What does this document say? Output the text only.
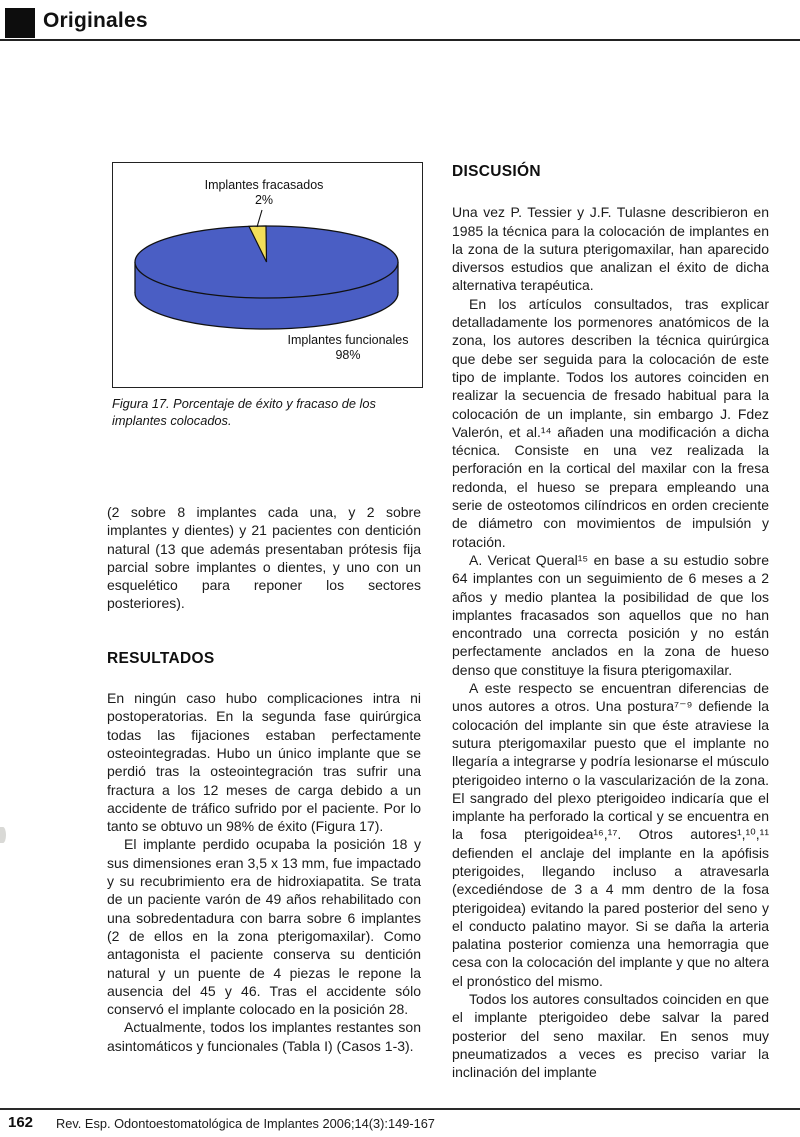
Originales
Implantes fracasados
2%
Implantes funcionales
98%
Figura 17. Porcentaje de éxito y fracaso de los implantes colocados.

(2 sobre 8 implantes cada una, y 2 sobre implantes y dientes) y 21 pacientes con dentición natural (13 que además presentaban prótesis fija parcial sobre implantes o dientes, y uno con un esquelético para reponer los sectores posteriores).

RESULTADOS

En ningún caso hubo complicaciones intra ni postoperatorias. En la segunda fase quirúrgica todas las fijaciones estaban perfectamente osteointegradas. Hubo un único implante que se perdió tras la osteointegración tras sufrir una fractura a los 12 meses de carga debido a un accidente de tráfico sufrido por el paciente. Por lo tanto se obtuvo un 98% de éxito (Figura 17).

El implante perdido ocupaba la posición 18 y sus dimensiones eran 3,5 x 13 mm, fue impactado y su recubrimiento era de hidroxiapatita. Se trata de un paciente varón de 49 años rehabilitado con una sobredentadura con barra sobre 6 implantes (2 de ellos en la zona pterigomaxilar). Como antagonista el paciente conserva su dentición natural y un puente de 4 piezas le repone la ausencia del 45 y 46. Tras el accidente sólo conservó el implante colocado en la posición 28.

Actualmente, todos los implantes restantes son asintomáticos y funcionales (Tabla I) (Casos 1-3).

DISCUSIÓN

Una vez P. Tessier y J.F. Tulasne describieron en 1985 la técnica para la colocación de implantes en la zona de la sutura pterigomaxilar, han aparecido diversos estudios que analizan el éxito de dicha alternativa terapéutica.

En los artículos consultados, tras explicar detalladamente los pormenores anatómicos de la zona, los autores describen la técnica quirúrgica que debe ser seguida para la colocación de este tipo de implante. Todos los autores coinciden en realizar la secuencia de fresado habitual para la colocación de un implante, sin embargo J. Fdez Valerón, et al.¹⁴ añaden una modificación a dicha técnica. Consiste en una vez realizada la perforación en la cortical del maxilar con la fresa redonda, el hueso se prepara empleando una serie de osteotomos cilíndricos en orden creciente de diámetro con movimientos de impulsión y rotación.

A. Vericat Queral¹⁵ en base a su estudio sobre 64 implantes con un seguimiento de 6 meses a 2 años y medio plantea la posibilidad de que los implantes fracasados son aquellos que no han encontrado una correcta posición y no están perfectamente anclados en la zona de hueso denso que constituye la fisura pterigomaxilar.

A este respecto se encuentran diferencias de unos autores a otros. Una postura⁷⁻⁹ defiende la colocación del implante sin que éste atraviese la sutura pterigomaxilar puesto que el implante no llegaría a integrarse y podría lesionarse el músculo pterigoideo interno o la vascularización de la zona. El sangrado del plexo pterigoideo indicaría que el implante ha perforado la cortical y se encuentra en la fosa pterigoidea¹⁶,¹⁷. Otros autores¹,¹⁰,¹¹ defienden el anclaje del implante en la apófisis pterigoides, llegando incluso a atravesarla (excediéndose de 3 a 4 mm dentro de la fosa pterigoidea) evitando la pared posterior del seno y el conducto palatino mayor. Si se daña la arteria palatina posterior comienza una hemorragia que cesa con la colocación del implante y que no altera el pronóstico del mismo.

Todos los autores consultados coinciden en que el implante pterigoideo debe salvar la pared posterior del seno maxilar. En senos muy pneumatizados a veces es preciso variar la inclinación del implante

162 Rev. Esp. Odontoestomatológica de Implantes 2006;14(3):149-167
